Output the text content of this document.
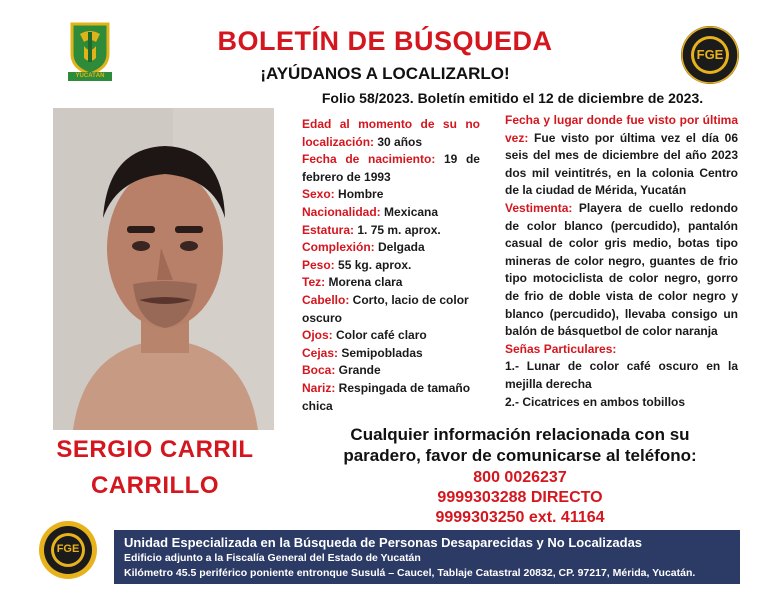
YUCATÁN
BOLETÍN DE BÚSQUEDA
¡AYÚDANOS A LOCALIZARLO!
Folio 58/2023. Boletín emitido el 12 de diciembre de 2023.
FGE
SERGIO CARRIL
CARRILLO

Edad al momento de su no localización: 30 años

Fecha de nacimiento: 19 de febrero de 1993

Sexo: Hombre

Nacionalidad: Mexicana

Estatura: 1. 75 m. aprox.

Complexión: Delgada

Peso: 55 kg. aprox.

Tez: Morena clara

Cabello: Corto, lacio de color oscuro

Ojos: Color café claro

Cejas: Semipobladas

Boca: Grande

Nariz: Respingada de tamaño chica

Fecha y lugar donde fue visto por última vez: Fue visto por última vez el día 06 seis del mes de diciembre del año 2023 dos mil veintitrés, en la colonia Centro de la ciudad de Mérida, Yucatán

Vestimenta: Playera de cuello redondo de color blanco (percudido), pantalón casual de color gris medio, botas tipo mineras de color negro, guantes de frio tipo motociclista de color negro, gorro de frio de doble vista de color negro y blanco (percudido), llevaba consigo un balón de básquetbol de color naranja

Señas Particulares:

1.- Lunar de color café oscuro en la mejilla derecha

2.- Cicatrices en ambos tobillos

Cualquier información relacionada con su
paradero, favor de comunicarse al teléfono:
800 0026237
9999303288 DIRECTO
9999303250 ext. 41164
FGE	Unidad Especializada en la Búsqueda de Personas Desaparecidas y No Localizadas
Edificio adjunto a la Fiscalía General del Estado de Yucatán
Kilómetro 45.5 periférico poniente entronque Susulá – Caucel, Tablaje Catastral 20832, CP. 97217, Mérida, Yucatán.
